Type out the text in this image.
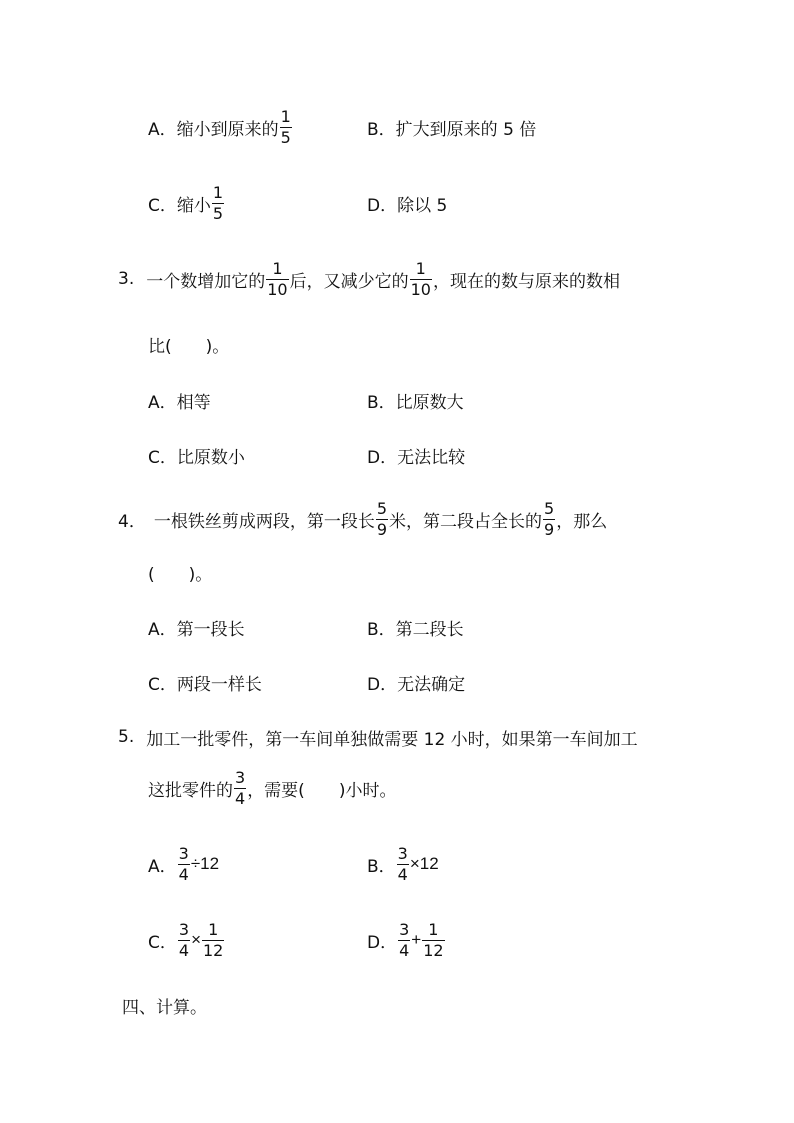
A．缩小到原来的 $\frac{1}{5}$	B．扩大到原来的 5 倍
C．缩小 $\frac{1}{5}$	D．除以 5
3. 一个数增加它的 $\frac{1}{10}$ 后，又减少它的 $\frac{1}{10}$ ，现在的数与原来的数相
比(　　)。
A．相等	B．比原数大
C．比原数小	D．无法比较
4． 一根铁丝剪成两段，第一段长 $\frac{5}{9}$ 米，第二段占全长的 $\frac{5}{9}$ ，那么
(　　)。
A．第一段长	B．第二段长
C．两段一样长	D．无法确定
5. 加工一批零件，第一车间单独做需要 12 小时，如果第一车间加工
这批零件的 $\frac{3}{4}$ ，需要(　　)小时。
A． $\frac{3}{4} \div 12$	B． $\frac{3}{4} \times 12$
C． $\frac{3}{4} \times \frac{1}{12}$	D． $\frac{3}{4} + \frac{1}{12}$
四、计算。
